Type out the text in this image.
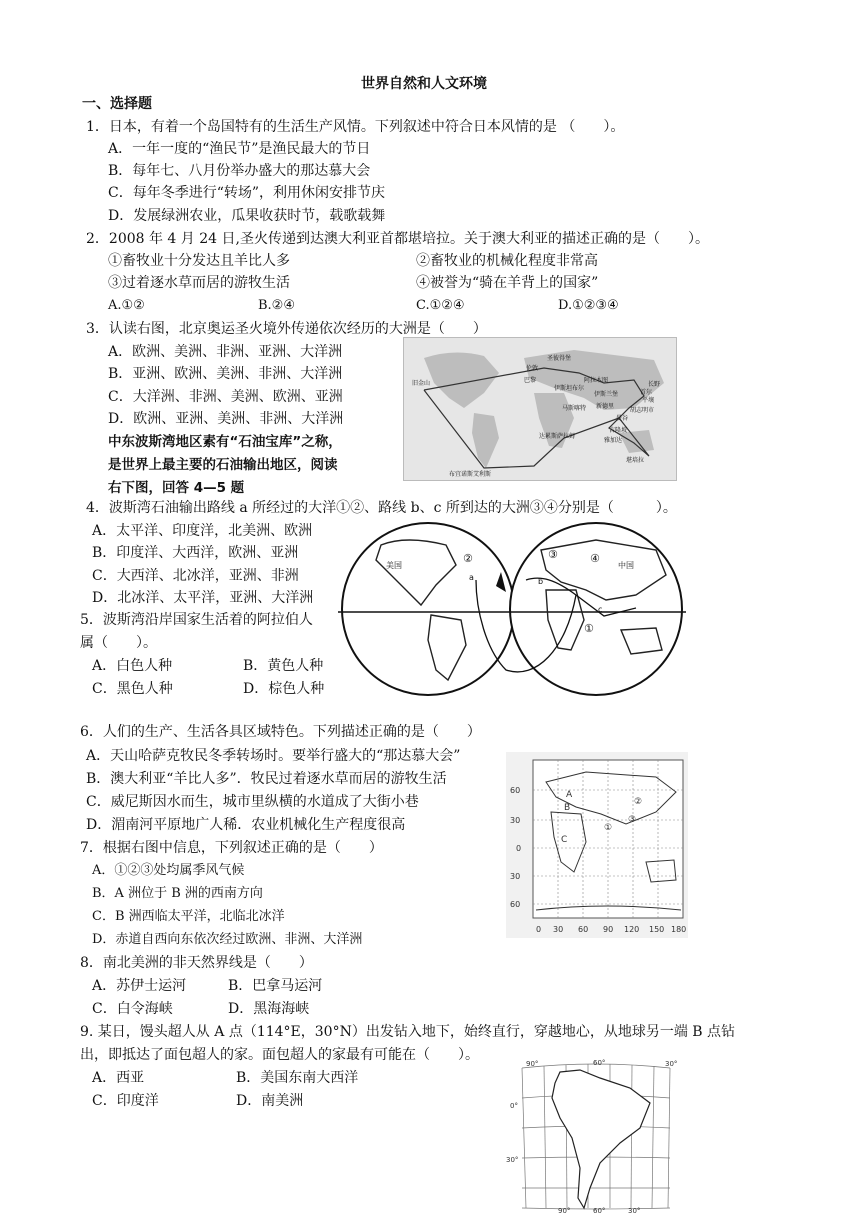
世界自然和人文环境
一、选择题
1．日本，有着一个岛国特有的生活生产风情。下列叙述中符合日本风情的是 （　　）。
A．一年一度的“渔民节”是渔民最大的节日
B．每年七、八月份举办盛大的那达慕大会
C．每年冬季进行“转场”，利用休闲安排节庆
D．发展绿洲农业，瓜果收获时节，载歌载舞
2．2008 年 4 月 24 日,圣火传递到达澳大利亚首都堪培拉。关于澳大利亚的描述正确的是（　　）。
①畜牧业十分发达且羊比人多	②畜牧业的机械化程度非常高
③过着逐水草而居的游牧生活	④被誉为“骑在羊背上的国家”
A.①②	B.②④	C.①②④	D.①②③④
3．认读右图，北京奥运圣火境外传递依次经历的大洲是（　　）
A．欧洲、美洲、非洲、亚洲、大洋洲
B．亚洲、欧洲、美洲、非洲、大洋洲
C．大洋洲、非洲、美洲、欧洲、亚洲
D．欧洲、亚洲、美洲、非洲、大洋洲
中东波斯湾地区素有“石油宝库”之称，
是世界上最主要的石油输出地区，阅读
右下图，回答 4—5 题
圣彼得堡
伦敦
巴黎
旧金山
布宜诺斯艾利斯
达累斯萨拉姆
阿拉木图
伊斯坦布尔
马斯喀特
伊斯兰堡
新德里
曼谷
吉隆坡
雅加达
堪培拉
长野
首尔
平壤
胡志明市
4．波斯湾石油输出路线 a 所经过的大洋①②、路线 b、c 所到达的大洲③④分别是（　　　）。
A．太平洋、印度洋，北美洲、欧洲
B．印度洋、大西洋，欧洲、亚洲
C．大西洋、北冰洋，亚洲、非洲
D．北冰洋、太平洋，亚洲、大洋洲
5．波斯湾沿岸国家生活着的阿拉伯人
属（　　）。
A．白色人种	B．黄色人种
C．黑色人种	D．棕色人种
美国	中国
②	③	④
①
a	b
c
6．人们的生产、生活各具区域特色。下列描述正确的是（　　）
A．天山哈萨克牧民冬季转场时。要举行盛大的“那达慕大会”
B．澳大利亚“羊比人多”．牧民过着逐水草而居的游牧生活
C．威尼斯因水而生，城市里纵横的水道成了大街小巷
D．湄南河平原地广人稀．农业机械化生产程度很高
7．根据右图中信息，下列叙述正确的是（　　）
A．①②③处均属季风气候
B．A 洲位于 B 洲的西南方向
C．B 洲西临太平洋，北临北冰洋
D．赤道自西向东依次经过欧洲、非洲、大洋洲
60
30
0
30
60
0 30 60 90 120 150 180
A
B
C
①
②
③
8．南北美洲的非天然界线是（　　）
A．苏伊士运河	B．巴拿马运河
C．白令海峡	D．黑海海峡
9. 某日，馒头超人从 A 点（114°E，30°N）出发钻入地下，始终直行，穿越地心，从地球另一端 B 点钻
出，即抵达了面包超人的家。面包超人的家最有可能在（　　）。
A．西亚	B．美国东南大西洋
C．印度洋	D．南美洲
90°	60°	30°
90°	60°	30°
0°
30°
